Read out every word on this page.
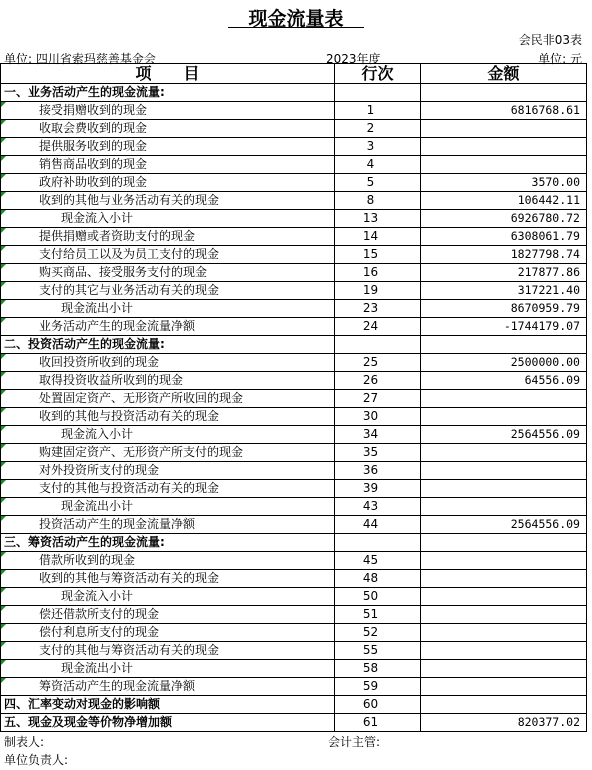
现金流量表
会民非03表
单位: 四川省索玛慈善基金会	2023年度	单位: 元
项　　目	行次	金额
一、业务活动产生的现金流量:		
接受捐赠收到的现金	1	6816768.61
收取会费收到的现金	2	
提供服务收到的现金	3	
销售商品收到的现金	4	
政府补助收到的现金	5	3570.00
收到的其他与业务活动有关的现金	8	106442.11
现金流入小计	13	6926780.72
提供捐赠或者资助支付的现金	14	6308061.79
支付给员工以及为员工支付的现金	15	1827798.74
购买商品、接受服务支付的现金	16	217877.86
支付的其它与业务活动有关的现金	19	317221.40
现金流出小计	23	8670959.79
业务活动产生的现金流量净额	24	-1744179.07
二、投资活动产生的现金流量:		
收回投资所收到的现金	25	2500000.00
取得投资收益所收到的现金	26	64556.09
处置固定资产、无形资产所收回的现金	27	
收到的其他与投资活动有关的现金	30	
现金流入小计	34	2564556.09
购建固定资产、无形资产所支付的现金	35	
对外投资所支付的现金	36	
支付的其他与投资活动有关的现金	39	
现金流出小计	43	
投资活动产生的现金流量净额	44	2564556.09
三、筹资活动产生的现金流量:		
借款所收到的现金	45	
收到的其他与筹资活动有关的现金	48	
现金流入小计	50	
偿还借款所支付的现金	51	
偿付利息所支付的现金	52	
支付的其他与筹资活动有关的现金	55	
现金流出小计	58	
筹资活动产生的现金流量净额	59	
四、汇率变动对现金的影响额	60	
五、现金及现金等价物净增加额	61	820377.02
制表人:	会计主管:
单位负责人:
